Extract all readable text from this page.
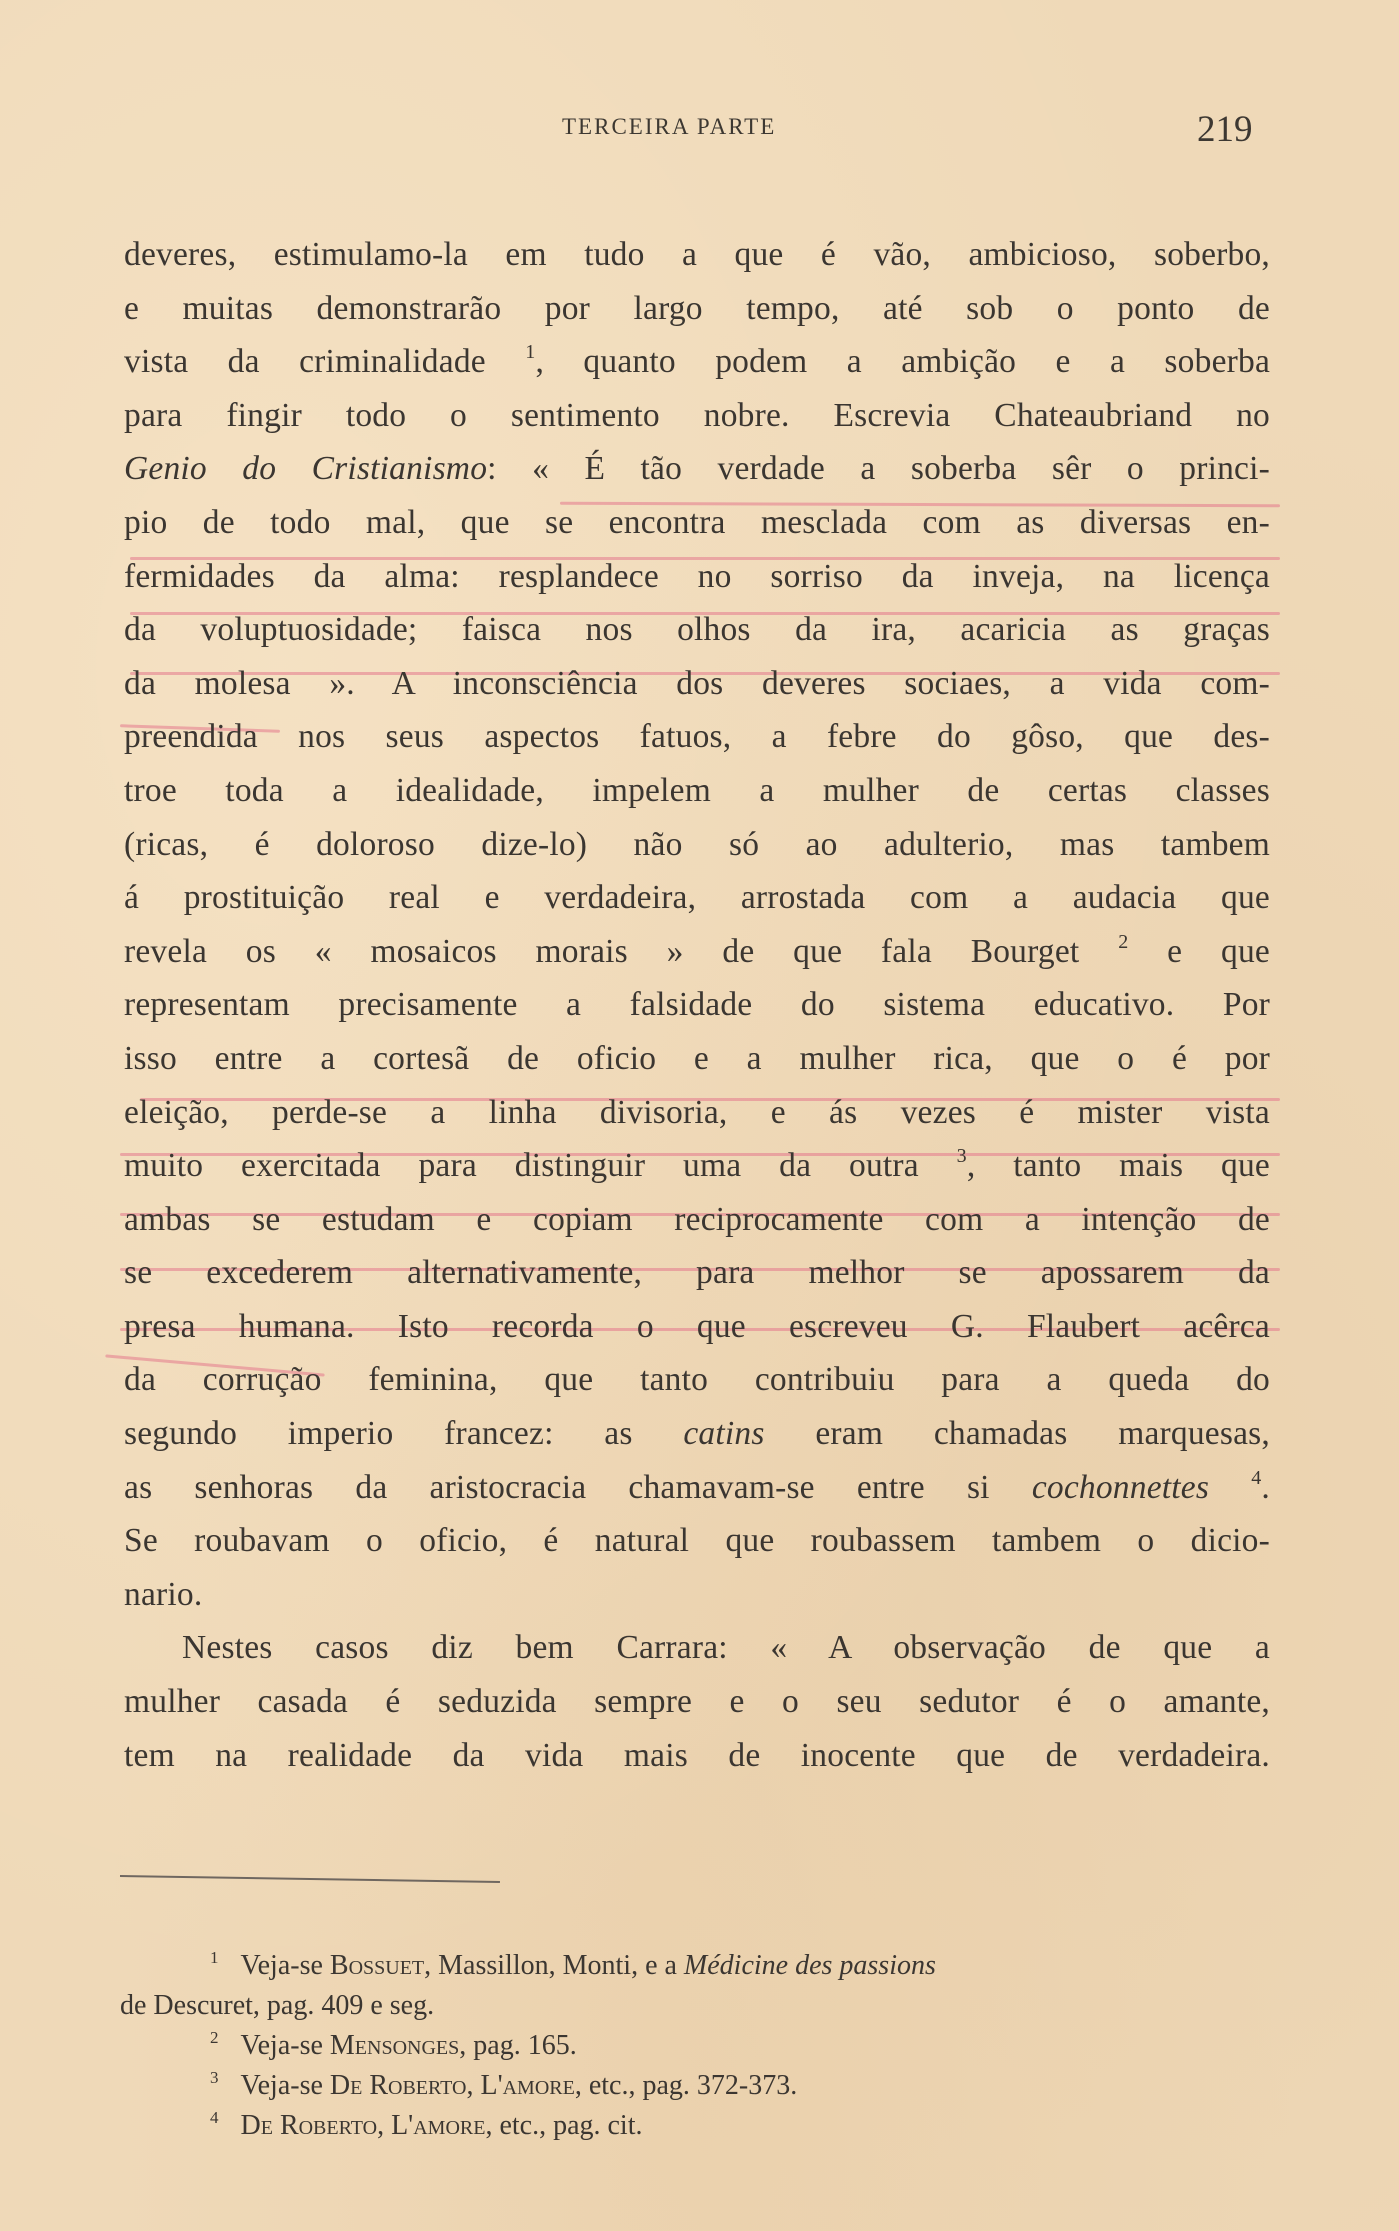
TERCEIRA PARTE	219
deveres, estimulamo-la em tudo a que é vão, ambicioso, soberbo,
e muitas demonstrarão por largo tempo, até sob o ponto de
vista da criminalidade $^1$, quanto podem a ambição e a soberba
para fingir todo o sentimento nobre. Escrevia Chateaubriand no
Genio do Cristianismo: « É tão verdade a soberba sêr o princi-
pio de todo mal, que se encontra mesclada com as diversas en-
fermidades da alma: resplandece no sorriso da inveja, na licença
da voluptuosidade; faisca nos olhos da ira, acaricia as graças
da molesa ». A inconsciência dos deveres sociaes, a vida com-
preendida nos seus aspectos fatuos, a febre do gôso, que des-
troe toda a idealidade, impelem a mulher de certas classes
(ricas, é doloroso dize-lo) não só ao adulterio, mas tambem
á prostituição real e verdadeira, arrostada com a audacia que
revela os « mosaicos morais » de que fala Bourget $^2$ e que
representam precisamente a falsidade do sistema educativo. Por
isso entre a cortesã de oficio e a mulher rica, que o é por
eleição, perde-se a linha divisoria, e ás vezes é mister vista
muito exercitada para distinguir uma da outra $^3$, tanto mais que
ambas se estudam e copiam reciprocamente com a intenção de
se excederem alternativamente, para melhor se apossarem da
presa humana. Isto recorda o que escreveu G. Flaubert acêrca
da corrução feminina, que tanto contribuiu para a queda do
segundo imperio francez: as catins eram chamadas marquesas,
as senhoras da aristocracia chamavam-se entre si cochonnettes $^4$.
Se roubavam o oficio, é natural que roubassem tambem o dicio-
nario.
Nestes casos diz bem Carrara: « A observação de que a
mulher casada é seduzida sempre e o seu sedutor é o amante,
tem na realidade da vida mais de inocente que de verdadeira.
$^1$ Veja-se Bossuet, Massillon, Monti, e a Médicine des passions
de Descuret, pag. 409 e seg.
$^2$ Veja-se Mensonges, pag. 165.
$^3$ Veja-se De Roberto, L'amore, etc., pag. 372-373.
$^4$ De Roberto, L'amore, etc., pag. cit.
